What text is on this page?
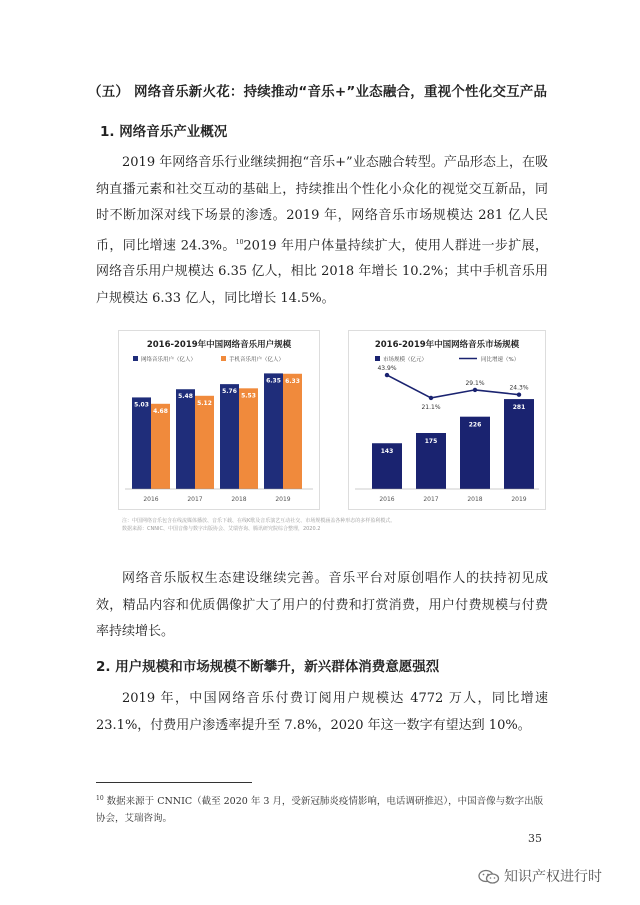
（五） 网络音乐新火花：持续推动“音乐+”业态融合，重视个性化交互产品
1. 网络音乐产业概况

2019 年网络音乐行业继续拥抱“音乐+”业态融合转型。产品形态上，在吸纳直播元素和社交互动的基础上，持续推出个性化小众化的视觉交互新品，同时不断加深对线下场景的渗透。2019 年，网络音乐市场规模达 281 亿人民币，同比增速 24.3%。$^{10}$2019 年用户体量持续扩大，使用人群进一步扩展，网络音乐用户规模达 6.35 亿人，相比 2018 年增长 10.2%；其中手机音乐用户规模达 6.33 亿人，同比增长 14.5%。

2016-2019年中国网络音乐用户规模
网络音乐用户（亿人）	手机音乐用户（亿人）
5.03
4.68
2016
5.48
5.12
2017
5.76
5.53
2018
6.35 6.33
2019
2016-2019年中国网络音乐市场规模
市场规模（亿元）	同比增速（%）
143
2016
175
2017
226
2018
281
2019
43.9%
21.1%
29.1%
24.3%
注：中国网络音乐包含在线流媒体播放、音乐下载、在线K歌及音乐演艺互动社交、市场规模涵盖各种形态的多样盈利模式。
数据来源：CNNIC、中国音像与数字出版协会、艾瑞咨询、腾讯研究院综合整理，2020.2

网络音乐版权生态建设继续完善。音乐平台对原创唱作人的扶持初见成效，精品内容和优质偶像扩大了用户的付费和打赏消费，用户付费规模与付费率持续增长。

2. 用户规模和市场规模不断攀升，新兴群体消费意愿强烈

2019 年，中国网络音乐付费订阅用户规模达 4772 万人，同比增速 23.1%，付费用户渗透率提升至 7.8%，2020 年这一数字有望达到 10%。

$^{10}$ 数据来源于 CNNIC（截至 2020 年 3 月，受新冠肺炎疫情影响，电话调研推迟），中国音像与数字出版协会，艾瑞咨询。
35
知识产权进行时
